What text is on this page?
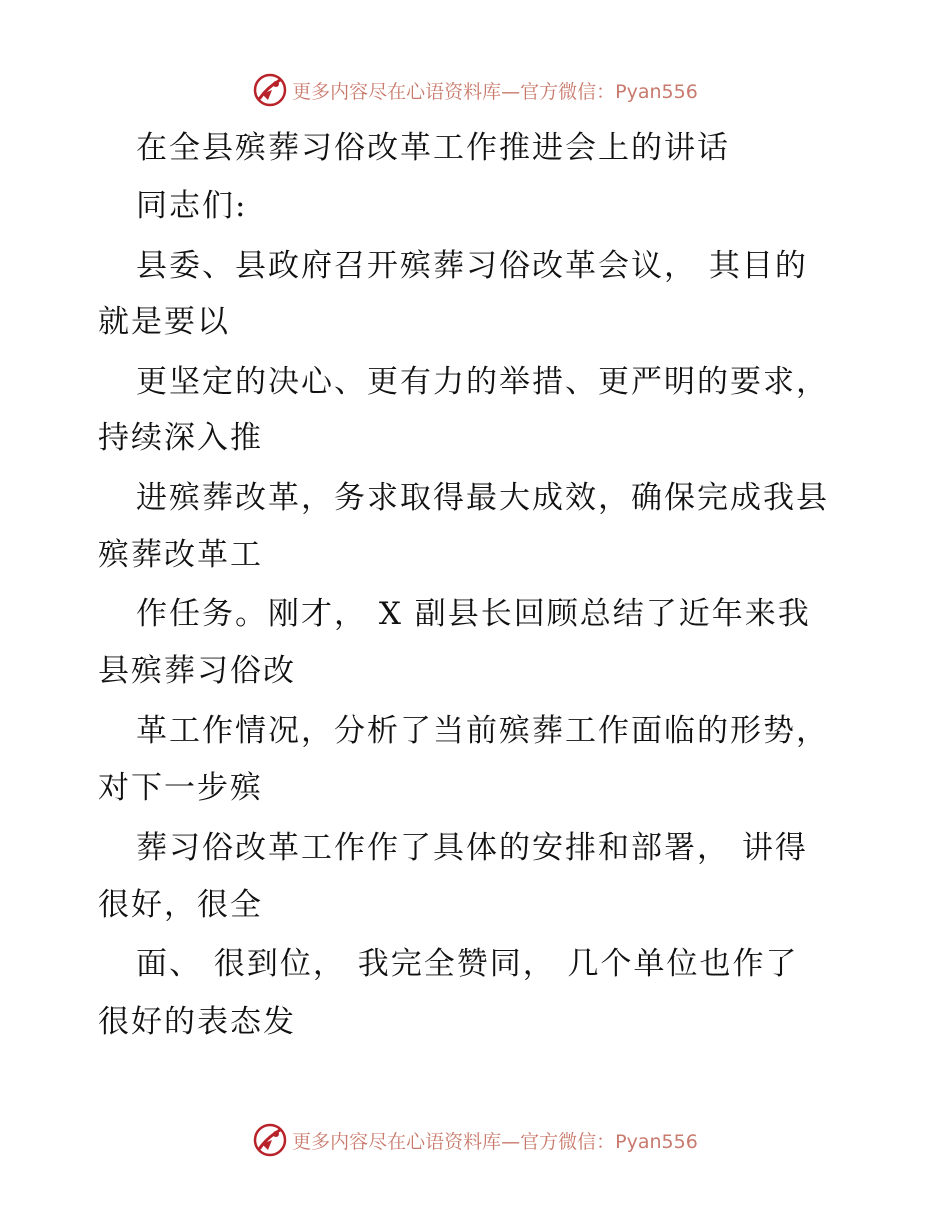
更多内容尽在心语资料库—官方微信：Pyan556
在全县殡葬习俗改革工作推进会上的讲话
同志们:
县委、县政府召开殡葬习俗改革会议， 其目的
就是要以
更坚定的决心、更有力的举措、更严明的要求，
持续深入推
进殡葬改革，务求取得最大成效，确保完成我县
殡葬改革工
作任务。刚才， X 副县长回顾总结了近年来我
县殡葬习俗改
革工作情况，分析了当前殡葬工作面临的形势，
对下一步殡
葬习俗改革工作作了具体的安排和部署， 讲得
很好，很全
面、 很到位， 我完全赞同， 几个单位也作了
很好的表态发
更多内容尽在心语资料库—官方微信：Pyan556
